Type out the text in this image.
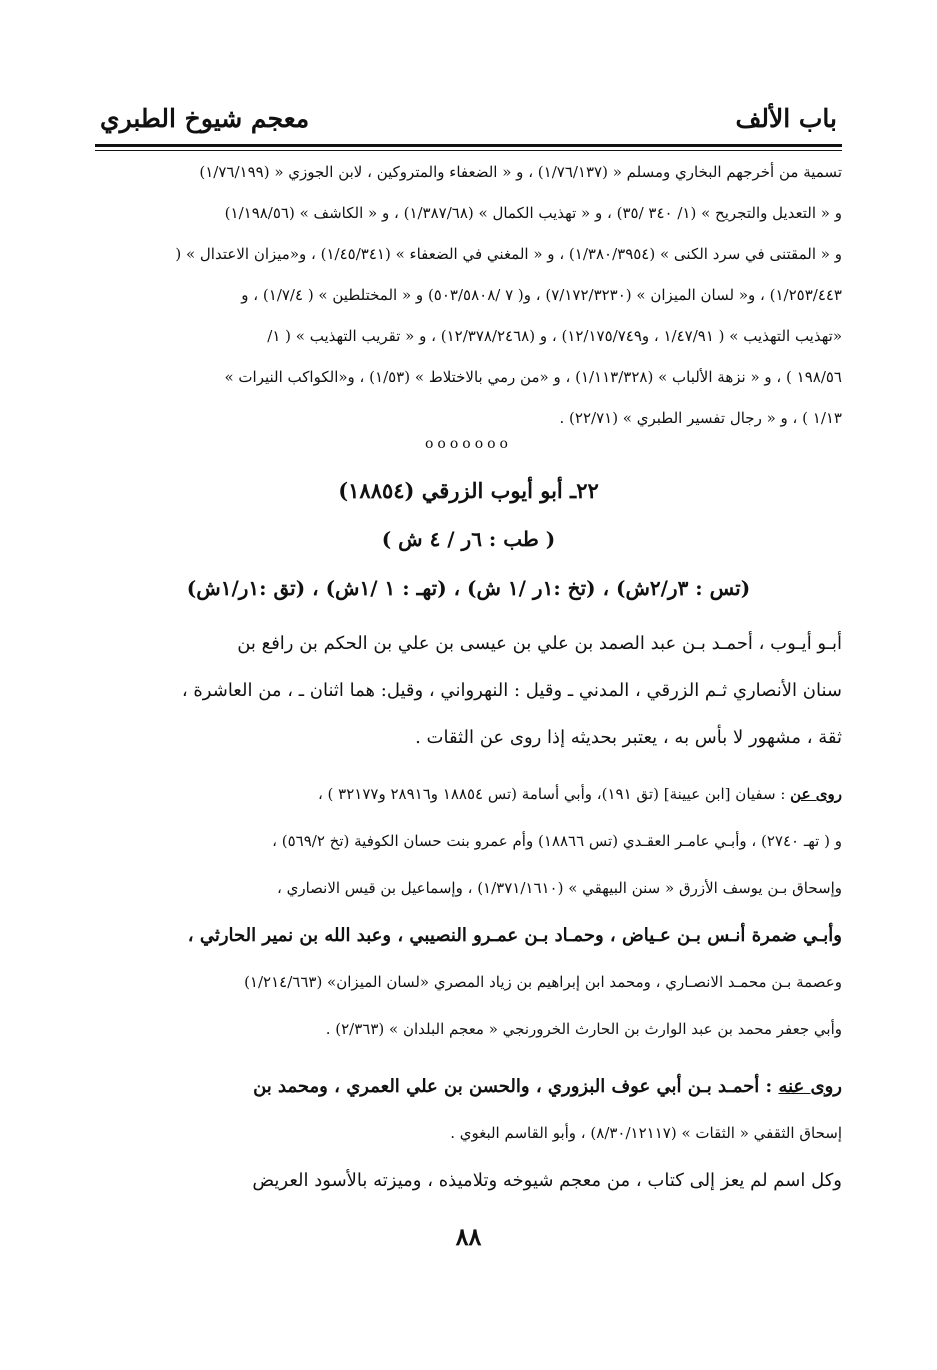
باب الألف
معجم شيوخ الطبري
تسمية من أخرجهم البخاري ومسلم « (١/٧٦/١٣٧) ، و « الضعفاء والمتروكين ، لابن الجوزي « (١/٧٦/١٩٩)
و « التعديل والتجريح » (١/ ٣٤٠ /٣٥) ، و « تهذيب الكمال » (١/٣٨٧/٦٨) ، و « الكاشف » (١/١٩٨/٥٦)
و « المقتنى في سرد الكنى » (١/٣٨٠/٣٩٥٤) ، و « المغني في الضعفاء » (١/٤٥/٣٤١) ، و«ميزان الاعتدال » (
١/٢٥٣/٤٤٣) ، و« لسان الميزان » (٧/١٧٢/٣٢٣٠) ، و( ٧ /٥٠٣/٥٨٠٨) و « المختلطين » ( ١/٧/٤) ، و
«تهذيب التهذيب » ( ١/٤٧/٩١ ، و١٢/١٧٥/٧٤٩) ، و (١٢/٣٧٨/٢٤٦٨) ، و « تقريب التهذيب » ( ١/
١٩٨/٥٦ ) ، و « نزهة الألباب » (١/١١٣/٣٢٨) ، و «من رمي بالاختلاط » (١/٥٣) ، و«الكواكب النيرات »
١/١٣ ) ، و « رجال تفسير الطبري » (٢٢/٧١) .
ooooooo
٢٢ـ أبو أيوب الزرقي (١٨٨٥٤)
( طب : ٦ر / ٤ ش )
(تس : ٣ر/٢ش) ، (تخ :١ر /١ ش) ، (تهـ : ١ /١ش) ، (تق :١ر/١ش)
أبـو أيـوب ، أحمـد بـن عبد الصمد بن علي بن عيسى بن علي بن الحكم بن رافع بن
سنان الأنصاري ثـم الزرقي ، المدني ـ وقيل : النهرواني ، وقيل: هما اثنان ـ ، من العاشرة ،
ثقة ، مشهور لا بأس به ، يعتبر بحديثه إذا روى عن الثقات .
روى عن : سفيان [ابن عيينة] (تق ١٩١)، وأبي أسامة (تس ١٨٨٥٤ و٢٨٩١٦ و٣٢١٧٧ ) ،
و ( تهـ ٢٧٤٠) ، وأبـي عامـر العقـدي (تس ١٨٨٦٦) وأم عمرو بنت حسان الكوفية (تخ ٥٦٩/٢) ،
وإسحاق بـن يوسف الأزرق « سنن البيهقي » (١/٣٧١/١٦١٠) ، وإسماعيل بن قيس الانصاري ،
وأبـي ضمرة أنـس بـن عـياض ، وحمـاد بـن عمـرو النصيبي ، وعبد الله بن نمير الحارثي ،
وعصمة بـن محمـد الانصـاري ، ومحمد ابن إبراهيم بن زياد المصري «لسان الميزان» (١/٢١٤/٦٦٣)
وأبي جعفر محمد بن عبد الوارث بن الحارث الخرورنجي « معجم البلدان » (٢/٣٦٣) .
روى عنه : أحمـد بـن أبي عوف البزوري ، والحسن بن علي العمري ، ومحمد بن
إسحاق الثقفي « الثقات » (٨/٣٠/١٢١١٧) ، وأبو القاسم البغوي .
وكل اسم لم يعز إلى كتاب ، من معجم شيوخه وتلاميذه ، وميزته بالأسود العريض
٨٨
